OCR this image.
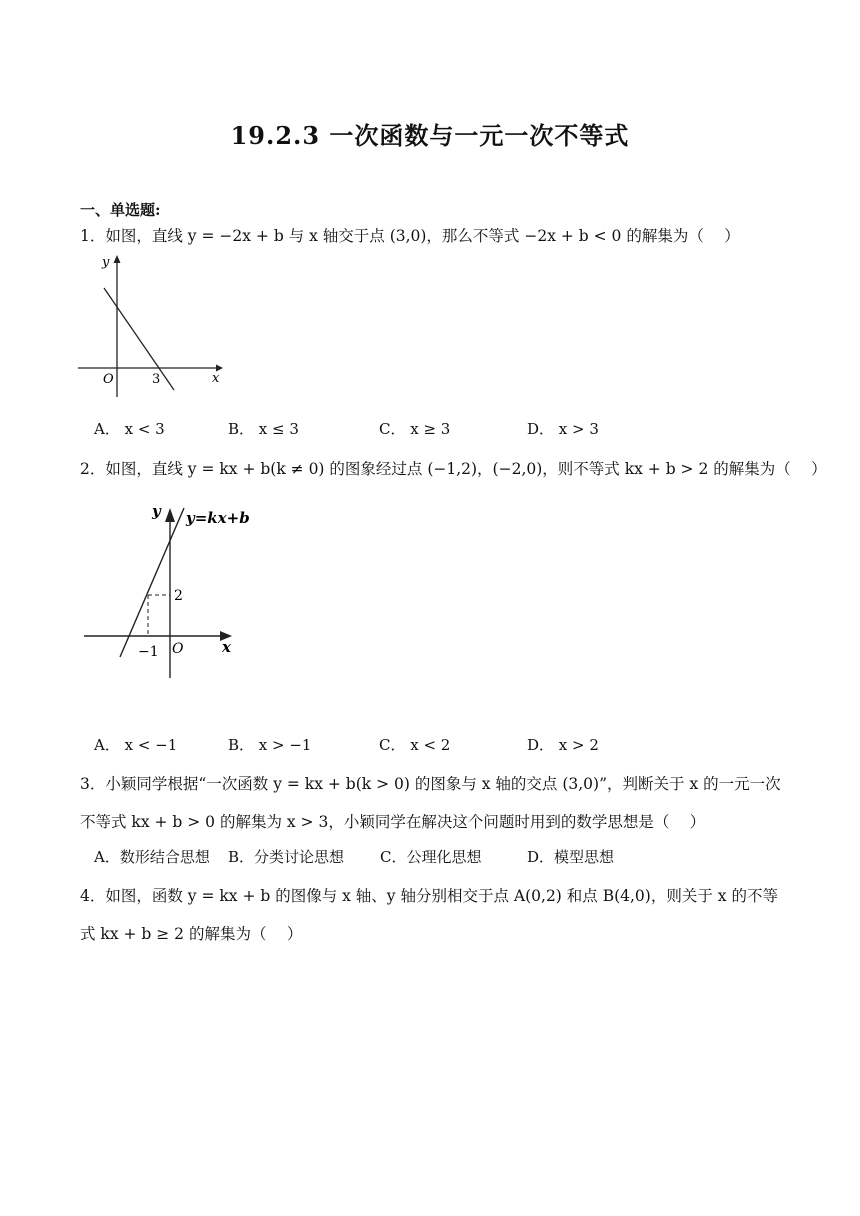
19.2.3 一次函数与一元一次不等式
一、单选题:
1．如图，直线 y = −2x + b 与 x 轴交于点 (3,0)，那么不等式 −2x + b < 0 的解集为（　 ）
y
x
O	3
A． x < 3	B． x ≤ 3	C． x ≥ 3	D． x > 3
2．如图，直线 y = kx + b(k ≠ 0) 的图象经过点 (−1,2)，(−2,0)，则不等式 kx + b > 2 的解集为（　 ）
y y=kx+b
2
x
O
−1
A． x < −1	B． x > −1	C． x < 2	D． x > 2
3．小颖同学根据“一次函数 y = kx + b(k > 0) 的图象与 x 轴的交点 (3,0)”，判断关于 x 的一元一次
不等式 kx + b > 0 的解集为 x > 3，小颖同学在解决这个问题时用到的数学思想是（　 ）
A．数形结合思想 B．分类讨论思想 C．公理化思想	D．模型思想
4．如图，函数 y = kx + b 的图像与 x 轴、y 轴分别相交于点 A(0,2) 和点 B(4,0)，则关于 x 的不等
式 kx + b ≥ 2 的解集为（　 ）
